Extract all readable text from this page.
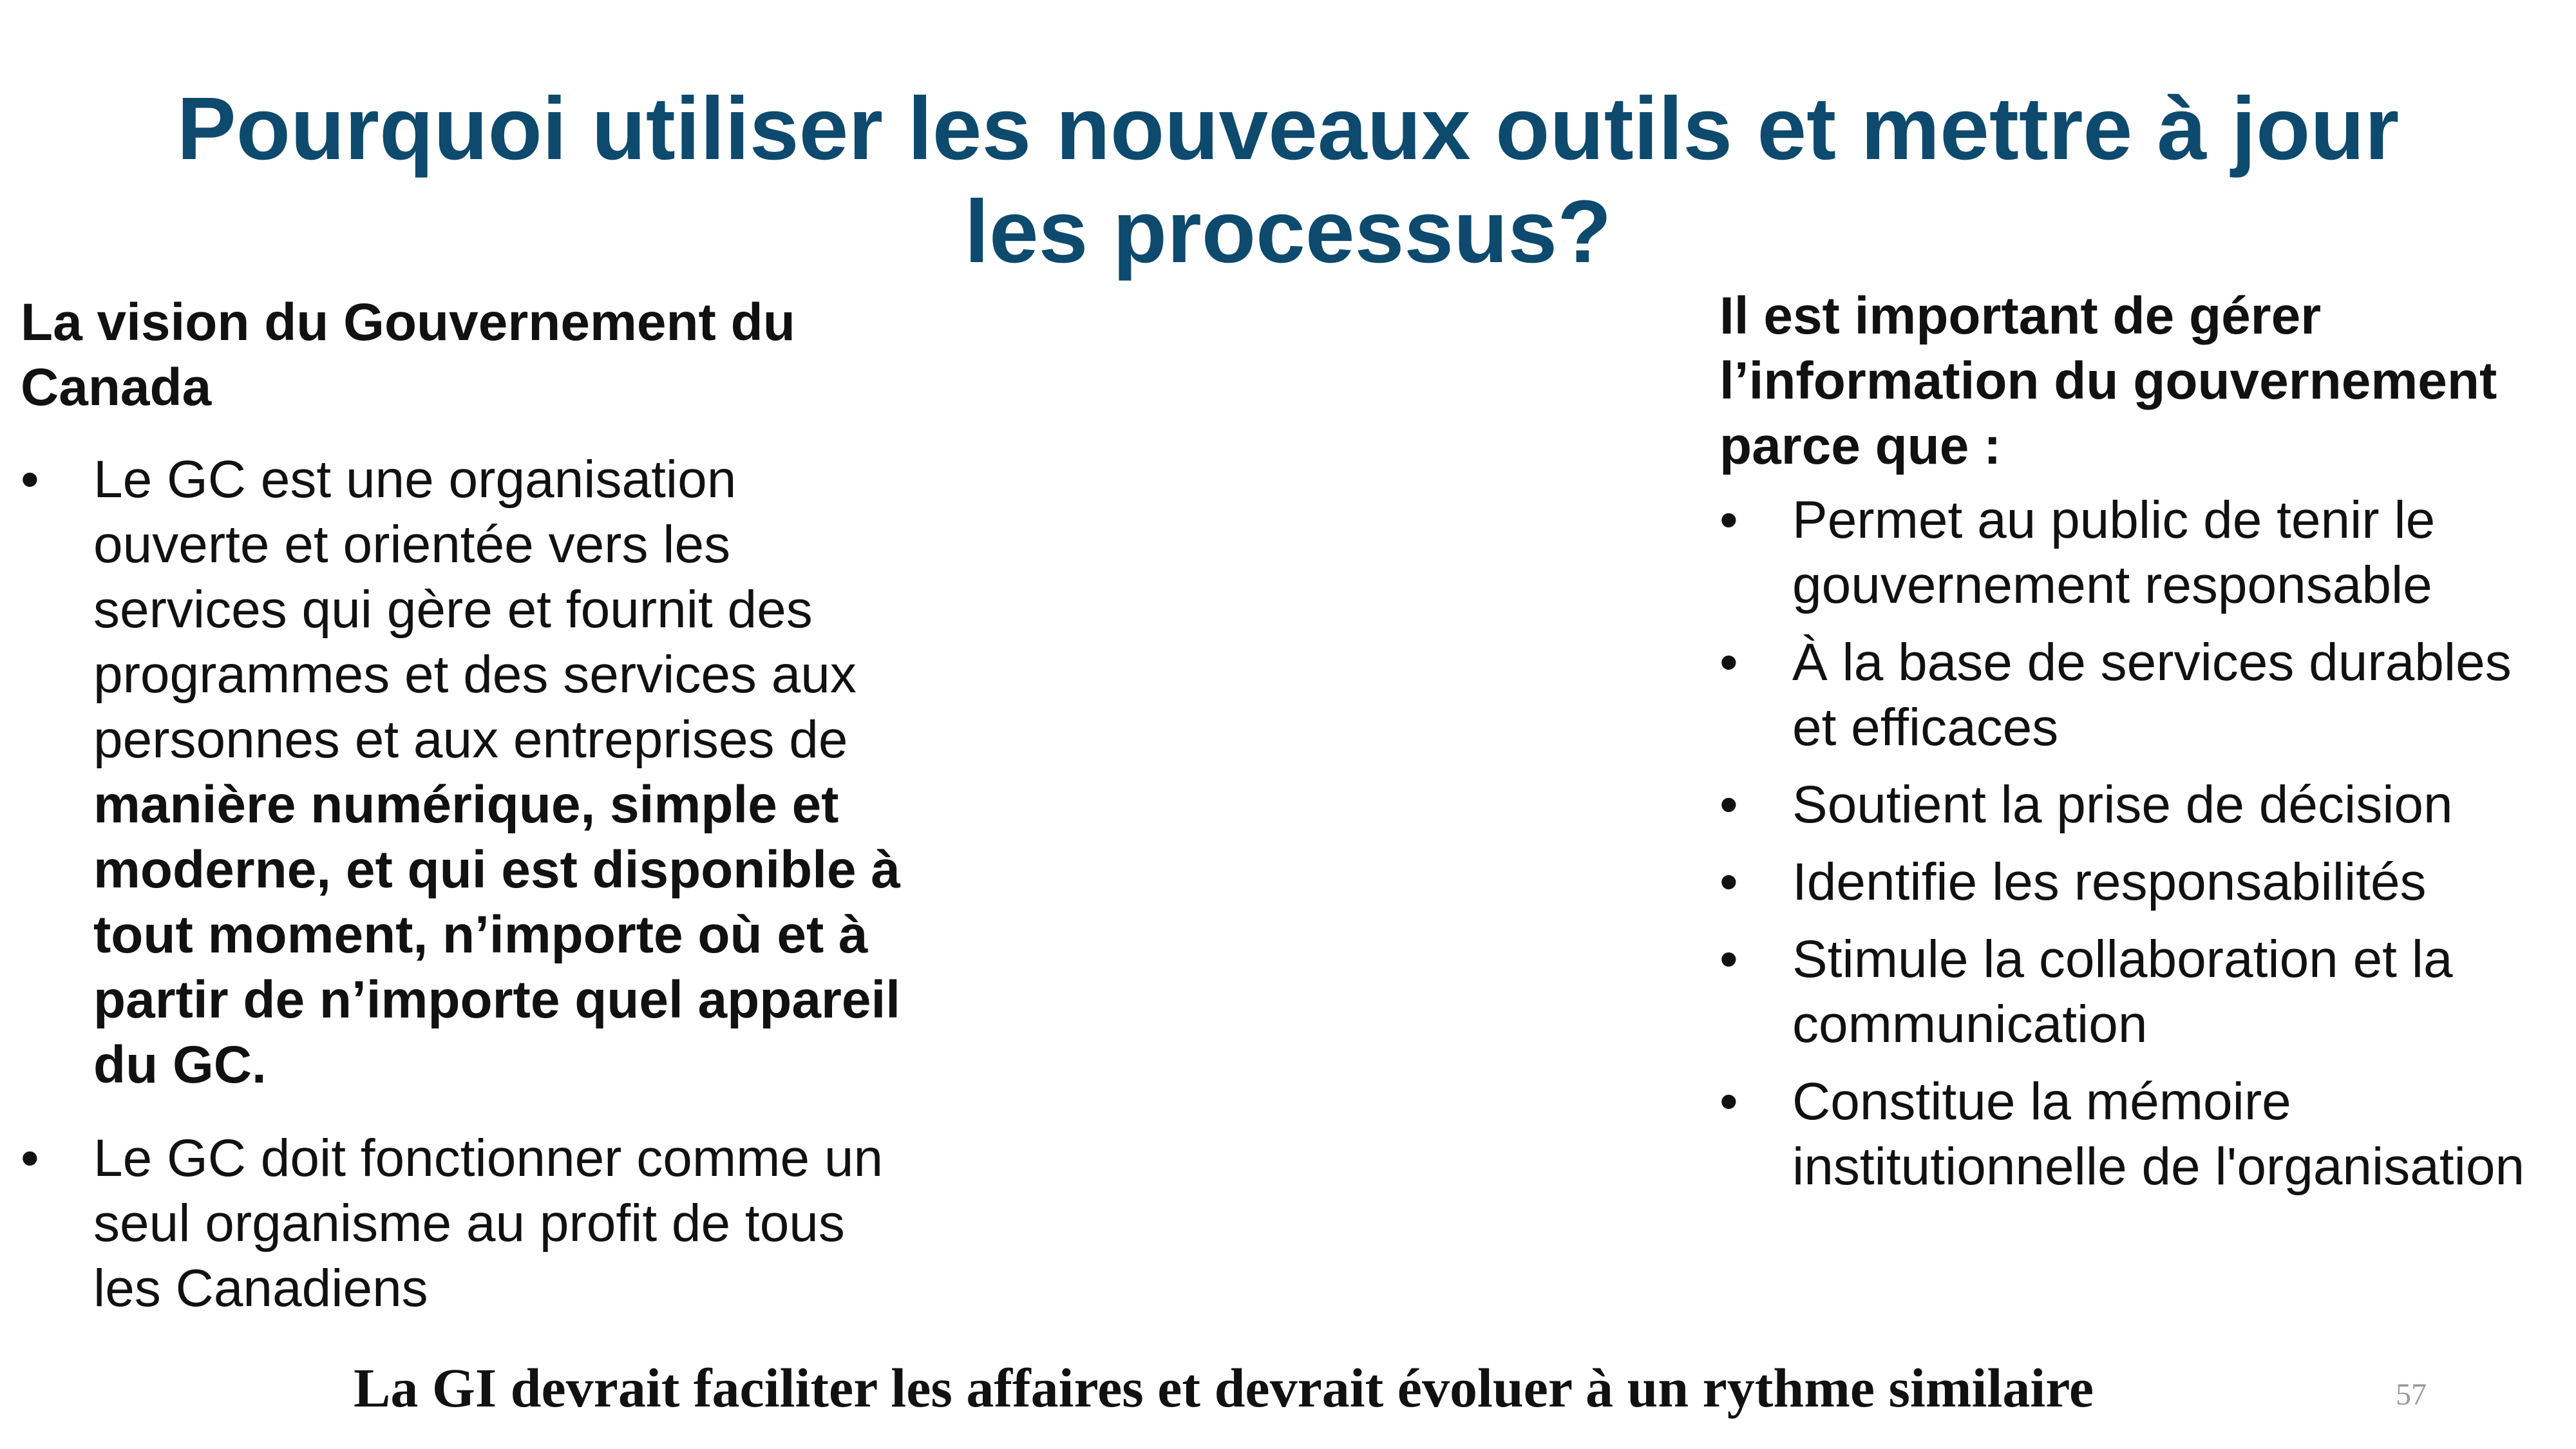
Pourquoi utiliser les nouveaux outils et mettre à jour les processus?
La vision du Gouvernement du Canada
•	Le GC est une organisation ouverte et orientée vers les services qui gère et fournit des programmes et des services aux personnes et aux entreprises de manière numérique, simple et moderne, et qui est disponible à tout moment, n’importe où et à partir de n’importe quel appareil du GC.
•	Le GC doit fonctionner comme un seul organisme au profit de tous les Canadiens
Il est important de gérer l’information du gouvernement parce que :
•	Permet au public de tenir le gouvernement responsable
•	À la base de services durables et efficaces
•	Soutient la prise de décision
•	Identifie les responsabilités
•	Stimule la collaboration et la communication
•	Constitue la mémoire institutionnelle de l'organisation
La GI devrait faciliter les affaires et devrait évoluer à un rythme similaire	57
